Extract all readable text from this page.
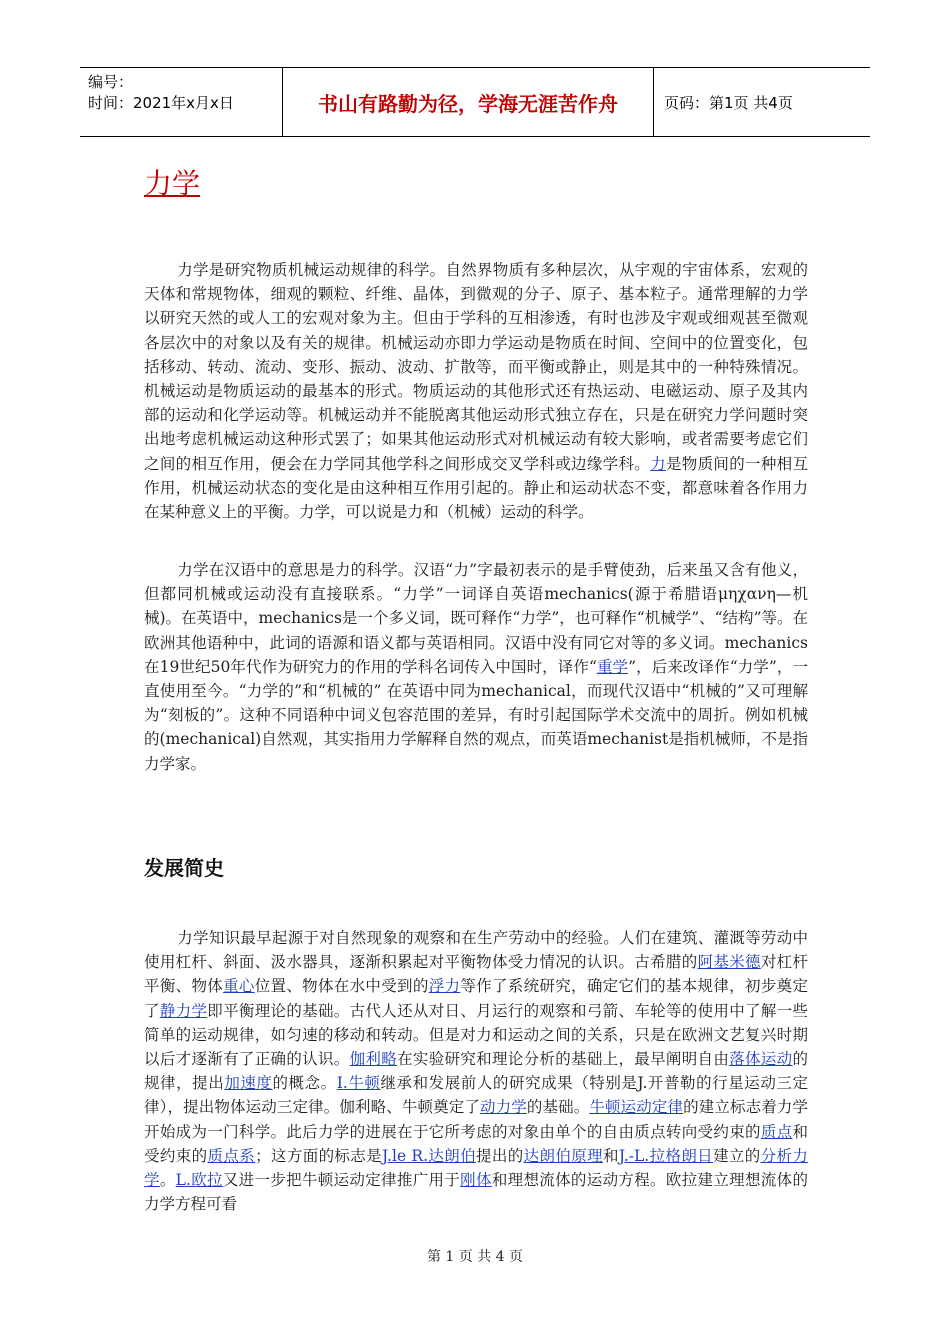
编号：
时间：2021年x月x日	书山有路勤为径，学海无涯苦作舟	页码：第1页 共4页
力学

力学是研究物质机械运动规律的科学。自然界物质有多种层次，从宇观的宇宙体系，宏观的天体和常规物体，细观的颗粒、纤维、晶体，到微观的分子、原子、基本粒子。通常理解的力学以研究天然的或人工的宏观对象为主。但由于学科的互相渗透，有时也涉及宇观或细观甚至微观各层次中的对象以及有关的规律。机械运动亦即力学运动是物质在时间、空间中的位置变化，包括移动、转动、流动、变形、振动、波动、扩散等，而平衡或静止，则是其中的一种特殊情况。机械运动是物质运动的最基本的形式。物质运动的其他形式还有热运动、电磁运动、原子及其内部的运动和化学运动等。机械运动并不能脱离其他运动形式独立存在，只是在研究力学问题时突出地考虑机械运动这种形式罢了；如果其他运动形式对机械运动有较大影响，或者需要考虑它们之间的相互作用，便会在力学同其他学科之间形成交叉学科或边缘学科。力是物质间的一种相互作用，机械运动状态的变化是由这种相互作用引起的。静止和运动状态不变，都意味着各作用力在某种意义上的平衡。力学，可以说是力和（机械）运动的科学。

力学在汉语中的意思是力的科学。汉语“力”字最初表示的是手臂使劲，后来虽又含有他义，但都同机械或运动没有直接联系。“力学”一词译自英语mechanics(源于希腊语μηχανη—机械)。在英语中，mechanics是一个多义词，既可释作“力学”，也可释作“机械学”、“结构”等。在欧洲其他语种中，此词的语源和语义都与英语相同。汉语中没有同它对等的多义词。mechanics在19世纪50年代作为研究力的作用的学科名词传入中国时，译作“重学”，后来改译作“力学”，一直使用至今。“力学的”和“机械的” 在英语中同为mechanical，而现代汉语中“机械的”又可理解为“刻板的”。这种不同语种中词义包容范围的差异，有时引起国际学术交流中的周折。例如机械的(mechanical)自然观，其实指用力学解释自然的观点，而英语mechanist是指机械师，不是指力学家。

发展简史

力学知识最早起源于对自然现象的观察和在生产劳动中的经验。人们在建筑、灌溉等劳动中使用杠杆、斜面、汲水器具，逐渐积累起对平衡物体受力情况的认识。古希腊的阿基米德对杠杆平衡、物体重心位置、物体在水中受到的浮力等作了系统研究，确定它们的基本规律，初步奠定了静力学即平衡理论的基础。古代人还从对日、月运行的观察和弓箭、车轮等的使用中了解一些简单的运动规律，如匀速的移动和转动。但是对力和运动之间的关系，只是在欧洲文艺复兴时期以后才逐渐有了正确的认识。伽利略在实验研究和理论分析的基础上，最早阐明自由落体运动的规律，提出加速度的概念。I.牛顿继承和发展前人的研究成果（特别是J.开普勒的行星运动三定律），提出物体运动三定律。伽利略、牛顿奠定了动力学的基础。牛顿运动定律的建立标志着力学开始成为一门科学。此后力学的进展在于它所考虑的对象由单个的自由质点转向受约束的质点和受约束的质点系；这方面的标志是J.le R.达朗伯提出的达朗伯原理和J.-L.拉格朗日建立的分析力学。L.欧拉又进一步把牛顿运动定律推广用于刚体和理想流体的运动方程。欧拉建立理想流体的力学方程可看

第 1 页 共 4 页
